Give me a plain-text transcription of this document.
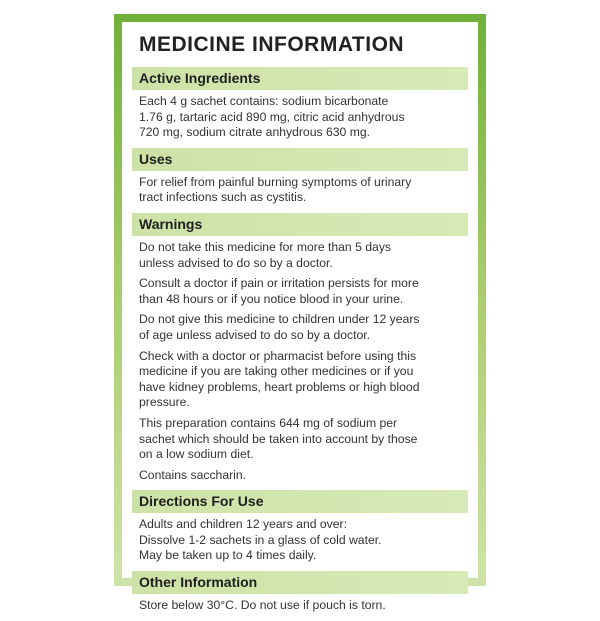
MEDICINE INFORMATION
Active Ingredients
Each 4 g sachet contains: sodium bicarbonate
1.76 g, tartaric acid 890 mg, citric acid anhydrous
720 mg, sodium citrate anhydrous 630 mg.
Uses
For relief from painful burning symptoms of urinary
tract infections such as cystitis.
Warnings
Do not take this medicine for more than 5 days
unless advised to do so by a doctor.
Consult a doctor if pain or irritation persists for more
than 48 hours or if you notice blood in your urine.
Do not give this medicine to children under 12 years
of age unless advised to do so by a doctor.
Check with a doctor or pharmacist before using this
medicine if you are taking other medicines or if you
have kidney problems, heart problems or high blood
pressure.
This preparation contains 644 mg of sodium per
sachet which should be taken into account by those
on a low sodium diet.
Contains saccharin.
Directions For Use
Adults and children 12 years and over:
Dissolve 1-2 sachets in a glass of cold water.
May be taken up to 4 times daily.
Other Information
Store below 30°C. Do not use if pouch is torn.
